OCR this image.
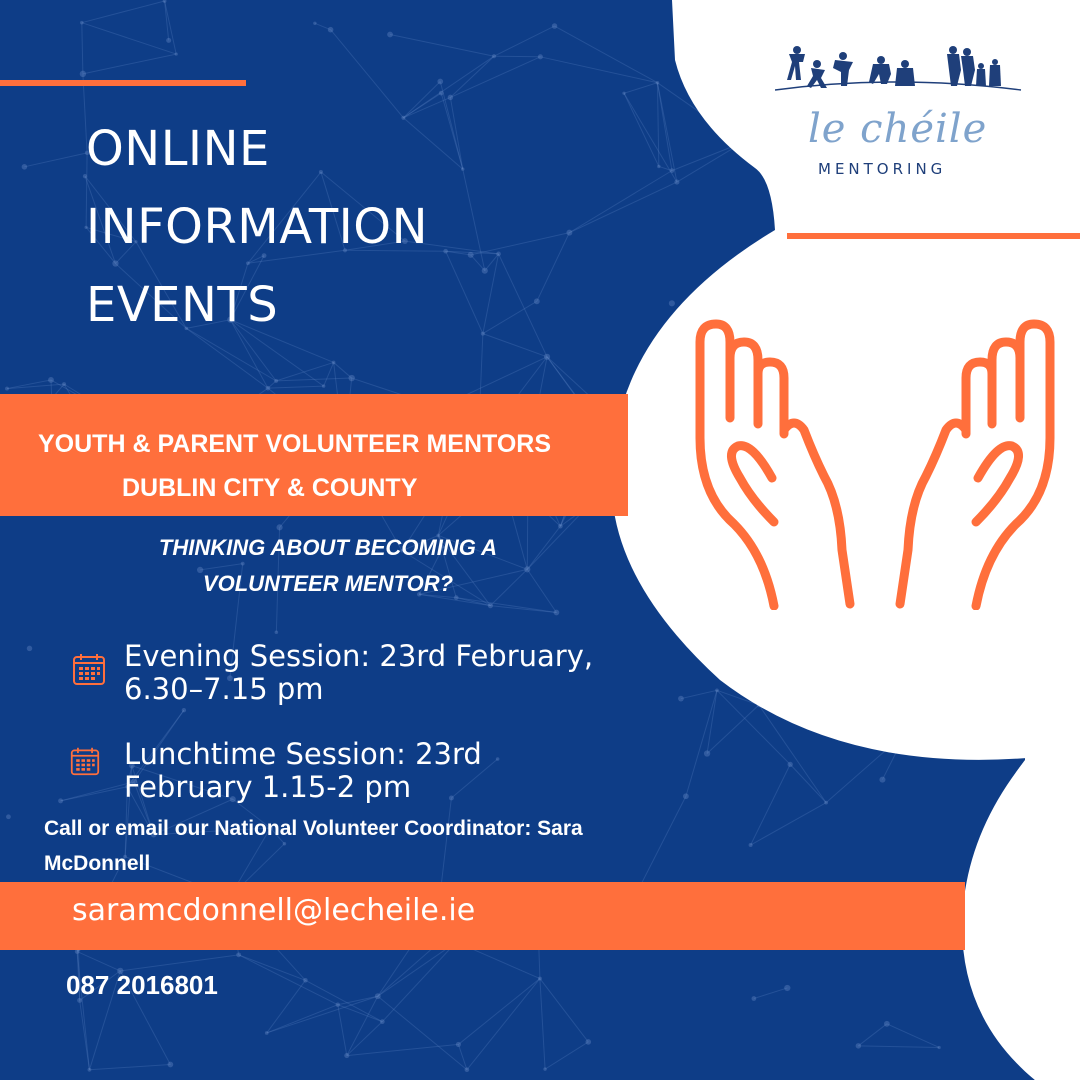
ONLINE
INFORMATION
EVENTS
YOUTH & PARENT VOLUNTEER MENTORS
DUBLIN CITY & COUNTY
THINKING ABOUT BECOMING A
VOLUNTEER MENTOR?
Evening Session: 23rd February,
6.30–7.15 pm
Lunchtime Session: 23rd
February 1.15-2 pm
Call or email our National Volunteer Coordinator: Sara
McDonnell
saramcdonnell@lecheile.ie
087 2016801
le chéile
MENTORING
